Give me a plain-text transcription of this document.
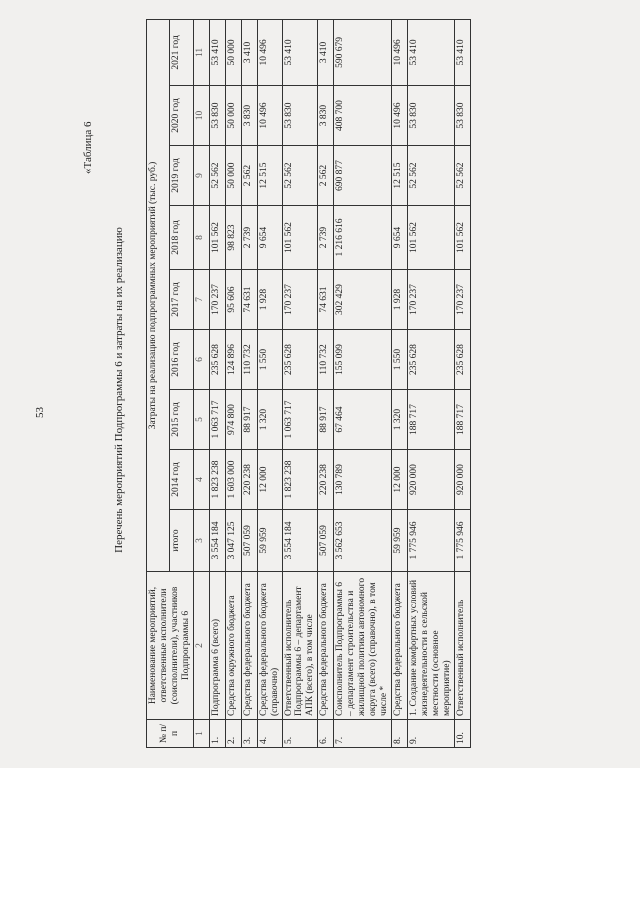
53
«Таблица 6
Перечень мероприятий Подпрограммы 6 и затраты на их реализацию
№ п/п	Наименование мероприятий, ответственные исполнители (соисполнители), участников Подпрограммы 6	Затраты на реализацию подпрограммных мероприятий (тыс. руб.)								
		итого	2014 год	2015 год	2016 год	2017 год	2018 год	2019 год	2020 год	2021 год
1	2	3	4	5	6	7	8	9	10	11
1.	Подпрограмма 6 (всего)	3 554 184	1 823 238	1 063 717	235 628	170 237	101 562	52 562	53 830	53 410
2.	Средства окружного бюджета	3 047 125	1 603 000	974 800	124 896	95 606	98 823	50 000	50 000	50 000
3.	Средства федерального бюджета	507 059	220 238	88 917	110 732	74 631	2 739	2 562	3 830	3 410
4.	Средства федерального бюджета (справочно)	59 959	12 000	1 320	1 550	1 928	9 654	12 515	10 496	10 496
5.	Ответственный исполнитель Подпрограммы 6 – департамент АПК (всего), в том числе	3 554 184	1 823 238	1 063 717	235 628	170 237	101 562	52 562	53 830	53 410
6.	Средства федерального бюджета	507 059	220 238	88 917	110 732	74 631	2 739	2 562	3 830	3 410
7.	Соисполнитель Подпрограммы 6 – департамент строительства и жилищной политики автономного округа (всего) (справочно), в том числе *	3 562 653	130 789	67 464	155 099	302 429	1 216 616	690 877	408 700	590 679
8.	Средства федерального бюджета	59 959	12 000	1 320	1 550	1 928	9 654	12 515	10 496	10 496
9.	1. Создание комфортных условий жизнедеятельности в сельской местности (основное мероприятие)	1 775 946	920 000	188 717	235 628	170 237	101 562	52 562	53 830	53 410
10.	Ответственный исполнитель	1 775 946	920 000	188 717	235 628	170 237	101 562	52 562	53 830	53 410
